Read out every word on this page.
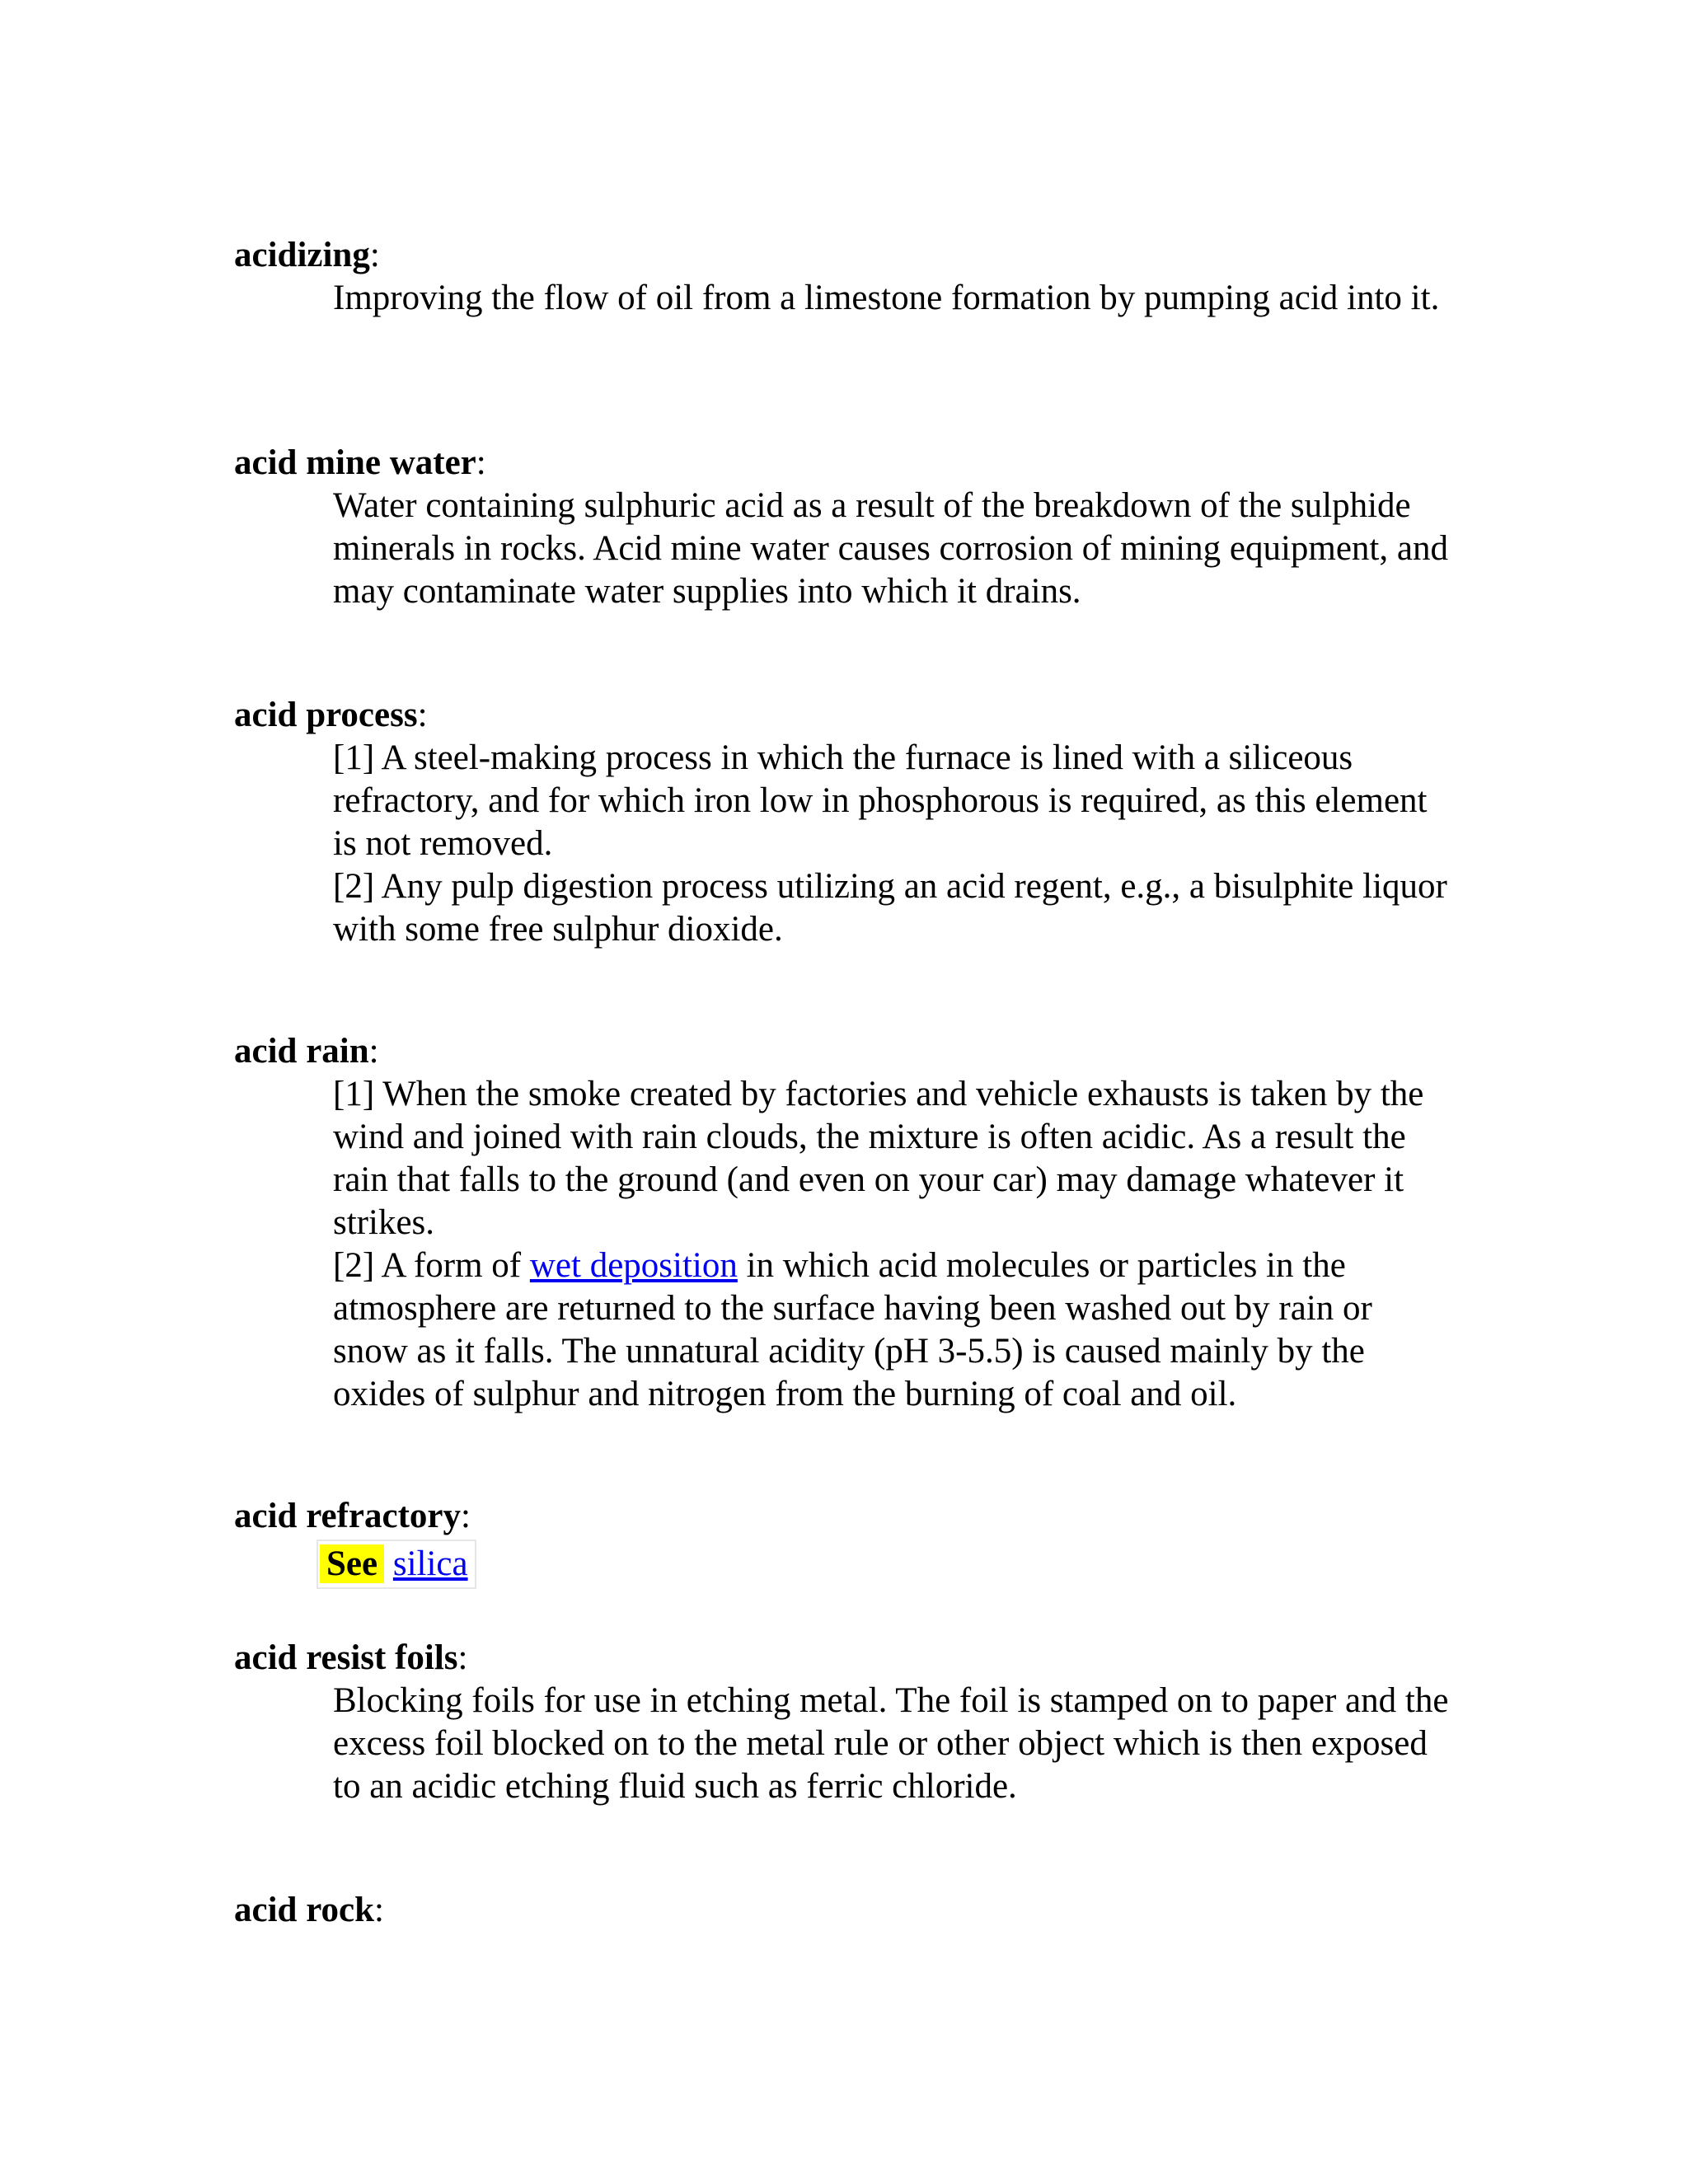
acidizing:

Improving the flow of oil from a limestone formation by pumping acid into it.

acid mine water:

Water containing sulphuric acid as a result of the breakdown of the sulphide minerals in rocks. Acid mine water causes corrosion of mining equipment, and may contaminate water supplies into which it drains.

acid process:

[1] A steel-making process in which the furnace is lined with a siliceous refractory, and for which iron low in phosphorous is required, as this element is not removed.

[2] Any pulp digestion process utilizing an acid regent, e.g., a bisulphite liquor with some free sulphur dioxide.

acid rain:

[1] When the smoke created by factories and vehicle exhausts is taken by the wind and joined with rain clouds, the mixture is often acidic. As a result the rain that falls to the ground (and even on your car) may damage whatever it strikes.

[2] A form of wet deposition in which acid molecules or particles in the atmosphere are returned to the surface having been washed out by rain or snow as it falls. The unnatural acidity (pH 3-5.5) is caused mainly by the oxides of sulphur and nitrogen from the burning of coal and oil.

acid refractory:
See silica
acid resist foils:

Blocking foils for use in etching metal. The foil is stamped on to paper and the excess foil blocked on to the metal rule or other object which is then exposed to an acidic etching fluid such as ferric chloride.

acid rock:
